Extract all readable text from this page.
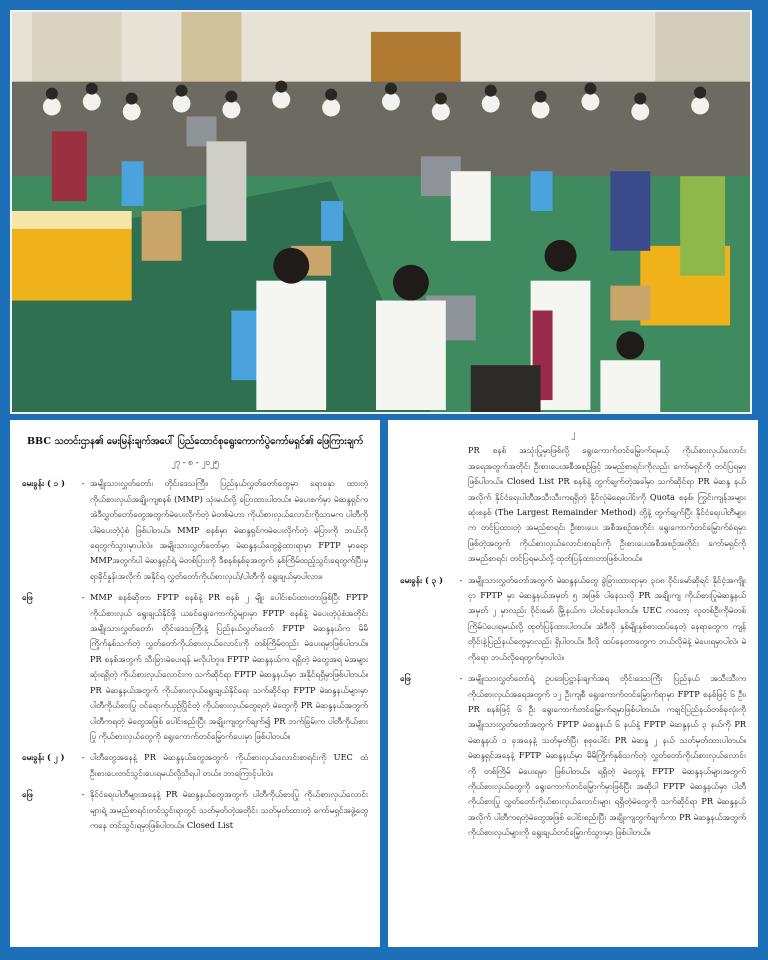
BBC သတင်းဌာန၏ မေးမြန်းချက်အပေါ် ပြည်ထောင်စုရွေးကောက်ပွဲကော်မရှင်၏ ဖြေကြားချက်
၂၇ - ၈ - ၂၀၂၅
မေးခွန်း ( ၁ )	- အမျိုးသားလွှတ်တော်၊ တိုင်းဒေသကြီး၊ ပြည်နယ်လွှတ်တော်တွေမှာ ရောနှော ထားတဲ့ ကိုယ်စားလှယ်အချိုးကျစနစ် (MMP) သုံးမယ်လို့ ပြောထားပါတယ်။ မဲပေးစက်မှာ မဲဆန္ဒရှင်က အဲဒီလွှတ်တော်တွေအတွက်မဲပေးလိုက်တဲ့ မဲတစ်မဲဟာ ကိုယ်စားလှယ်လောင်းကိုသာမက ပါတီကိုပါမဲပေးတဲ့ပုံစံ ဖြစ်ပါတယ်။ MMP စနစ်မှာ မဲဆန္ဒရှင်ကမဲပေးလိုက်တဲ့ မဲပြားကို ဘယ်လိုရေတွက်သွားမှာပါလဲ။ အမျိုးသားလွှတ်တော်မှာ မဲဆန္ဒနယ်တွေခွဲထားရာမှာ FPTP မှာရော MMPအတွက်ပါ မဲဆန္ဒရှင်ရဲ့ မဲတစ်ပြားကို ဒီစနစ်နှစ်ခုအတွက် နှစ်ကြိမ်ထည့်သွင်းရေတွက်ပြီးမှ ရာခိုင်နှုန်းအလိုက် အနိုင်ရ လွှတ်တော်ကိုယ်စားလှယ်/ပါတီကို ရွေးချယ်မှာပါလား။
ဖြေ	- MMP စနစ်ဆိုတာ FPTP စနစ်နဲ့ PR စနစ် ၂ မျိုး ပေါင်းစပ်ထားတာဖြစ်ပြီး FPTP ကိုယ်စားလှယ် ရွေးချယ်နိုင်ဖို့ ယခင်ရွေးကောက်ပွဲများမှာ FPTP စနစ်နဲ့ မဲပေးတဲ့ပုံစံအတိုင်း အမျိုးသားလွှတ်တော်၊ တိုင်းဒေသကြီးနဲ့ ပြည်နယ်လွှတ်တော် FPTP မဲဆန္ဒနယ်က မိမိကြိုက်နှစ်သက်တဲ့ လွှတ်တော်ကိုယ်စားလှယ်လောင်းကို တစ်ကြိမ်တည်း မဲပေးရမှာဖြစ်ပါတယ်။ PR စနစ်အတွက် သီးခြားမဲပေးရန် မလိုပါဘူး။ FPTP မဲဆန္ဒနယ်က ရရှိတဲ့ မဲတွေအရ မဲအများဆုံးရရှိတဲ့ ကိုယ်စားလှယ်လောင်းက သက်ဆိုင်ရာ FPTP မဲဆန္ဒနယ်မှာ အနိုင်ရရှိမှာဖြစ်ပါတယ်။ PR မဲဆန္ဒနယ်အတွက် ကိုယ်စားလှယ်ရွေးချယ်နိုင်ရေး သက်ဆိုင်ရာ FPTP မဲဆန္ဒနယ်များမှာ ပါတီကိုယ်စားပြု ဝင်ရောက်ယှဉ်ပြိုင်တဲ့ ကိုယ်စားလှယ်တွေရတဲ့ မဲတွေကို PR မဲဆန္ဒနယ်အတွက် ပါတီကရတဲ့ မဲတွေအဖြစ် ပေါင်းစည်းပြီး အချိုးကျတွက်ချက်၍ PR ဘက်ခြမ်းက ပါတီကိုယ်စားပြု ကိုယ်စားလှယ်တွေကို ရွေးကောက်တင်မြှောက်ပေးမှာ ဖြစ်ပါတယ်။
မေးခွန်း ( ၂ )	- ပါတီတွေအနေနဲ့ PR မဲဆန္ဒနယ်တွေအတွက် ကိုယ်စားလှယ်လောင်းစာရင်းကို UEC ထံ ဦးစားပေးတင်သွင်းပေးရမယ်လို့သိရပါ တယ်။ ဘာကြောင့်ပါလဲ။
ဖြေ	- နိုင်ငံရေးပါတီများအနေနဲ့ PR မဲဆန္ဒနယ်တွေအတွက် ပါတီကိုယ်စားပြု ကိုယ်စားလှယ်လောင်းများရဲ့ အမည်စာရင်းတင်သွင်းရာတွင် သတ်မှတ်တဲ့အတိုင်း သတ်မှတ်ထားတဲ့ ကော်မရှင်အဖွဲ့တွေကနေ တင်သွင်းရမှာဖြစ်ပါတယ်။ Closed List
၂
PR စနစ် အသုံးပြုမှာဖြစ်လို့ ရွေးကောက်တင်မြှောက်ရမယ့် ကိုယ်စားလှယ်လောင်း အရေအတွက်အတိုင်း ဦးစားပေးအစီအစဉ်ဖြင့် အမည်စာရင်းကိုလည်း ကော်မရှင်ကို တင်ပြရမှာဖြစ်ပါတယ်။ Closed List PR စနစ်နဲ့ တွက်ချက်တဲ့အခါမှာ သက်ဆိုင်ရာ PR မဲဆန္ဒ နယ်အလိုက် နိုင်ငံရေးပါတီအသီးသီးကရရှိတဲ့ နိုင်လုံမဲရေပေါင်းကို Quota စနစ်၊ ကြွင်းကျန်အများဆုံးစနစ် (The Largest Remainder Method) တို့နဲ့ တွက်ချက်ပြီး နိုင်ငံရေးပါတီများက တင်ပြထားတဲ့ အမည်စာရင်း ဦးစားပေး အစီအစဉ်အတိုင်း ရွေးကောက်တင်မြှောက်ခံရမှာ ဖြစ်တဲ့အတွက် ကိုယ်စားလှယ်လောင်းစာရင်းကို ဦးစားပေးအစီအစဉ်အတိုင်း ကော်မရှင်ကို အမည်စာရင်း တင်ပြရမယ်လို့ ထုတ်ပြန်ထားတာဖြစ်ပါတယ်။
မေးခွန်း ( ၃ )	- အမျိုးသားလွှတ်တော်အတွက် မဲဆန္ဒနယ်တွေ ခွဲခြားထားရာမှာ ၃၀၈ ဝိုင်းမော်ဆိုရင် နိုင်ငံ့အကျိုးငှာ FPTP မှာ မဲဆန္ဒနယ်အမှတ် ၅ အဖြစ် ပါနေသလို PR အချိုးကျ ကိုယ်စားပြုမဲဆန္ဒနယ် အမှတ် ၂ မှာလည်း ဝိုင်းမော် မြို့နယ်က ပါဝင်နေပါတယ်။ UEC ကတော့ လူတစ်ဦးကိုမဲတစ်ကြိမ်ပဲပေးရမယ်လို့ ထုတ်ပြန်ထားပါတယ်။ အဲဒီလို နှစ်မျိုးနှစ်စားထပ်နေတဲ့ နေရာတွေက ကျန်တိုင်းနဲ့ပြည်နယ်တွေမှာလည်း ရှိပါတယ်။ ဒီလို ထပ်နေတာတွေက ဘယ်လိုမဲနဲ့ မဲပေးရမှာပါလဲ၊ မဲကိုရော ဘယ်လိုရေတွက်မှာပါလဲ။
ဖြေ	- အမျိုးသားလွှတ်တော်ရဲ့ ဥပဒေပြဋ္ဌာန်းချက်အရ တိုင်းဒေသကြီး ပြည်နယ် အသီးသီးက ကိုယ်စားလှယ်အရေအတွက် ၁၂ ဦးကျစီ ရွေးကောက်တင်မြှောက်ရာမှာ FPTP စနစ်ဖြင့် ၆ ဦး၊ PR စနစ်ဖြင့် ၆ ဦး ရွေးကောက်တင်မြှောက်ရမှာဖြစ်ပါတယ်။ ကချင်ပြည်နယ်တစ်ခုလုံးကို အမျိုးသားလွှတ်တော်အတွက် FPTP မဲဆန္ဒနယ် ၆ နယ်နဲ့ FPTP မဲဆန္ဒနယ် ၃ နယ်ကို PR မဲဆန္ဒနယ် ၁ ခုအနေနဲ့ သတ်မှတ်ပြီး စုစုပေါင်း PR မဲဆန္ဒ ၂ နယ် သတ်မှတ်ထားပါတယ်။ မဲဆန္ဒရှင်အနေနဲ့ FPTP မဲဆန္ဒနယ်မှာ မိမိကြိုက်နှစ်သက်တဲ့ လွှတ်တော်ကိုယ်စားလှယ်လောင်းကို တစ်ကြိမ် မဲပေးရမှာ ဖြစ်ပါတယ်။ ရရှိတဲ့ မဲတွေနဲ့ FPTP မဲဆန္ဒနယ်များအတွက် ကိုယ်စားလှယ်တွေကို ရွေးကောက်တင်မြှောက်မှာဖြစ်ပြီး အဆိုပါ FPTP မဲဆန္ဒနယ်မှာ ပါတီကိုယ်စားပြု လွှတ်တော်ကိုယ်စားလှယ်လောင်းများ ရရှိတဲ့မဲတွေကို သက်ဆိုင်ရာ PR မဲဆန္ဒနယ်အလိုက် ပါတီကရတဲ့မဲတွေအဖြစ် ပေါင်းစည်းပြီး အချိုးကျတွက်ချက်ကာ PR မဲဆန္ဒနယ်အတွက် ကိုယ်စားလှယ်များကို ရွေးချယ်တင်မြှောက်သွားမှာ ဖြစ်ပါတယ်။
